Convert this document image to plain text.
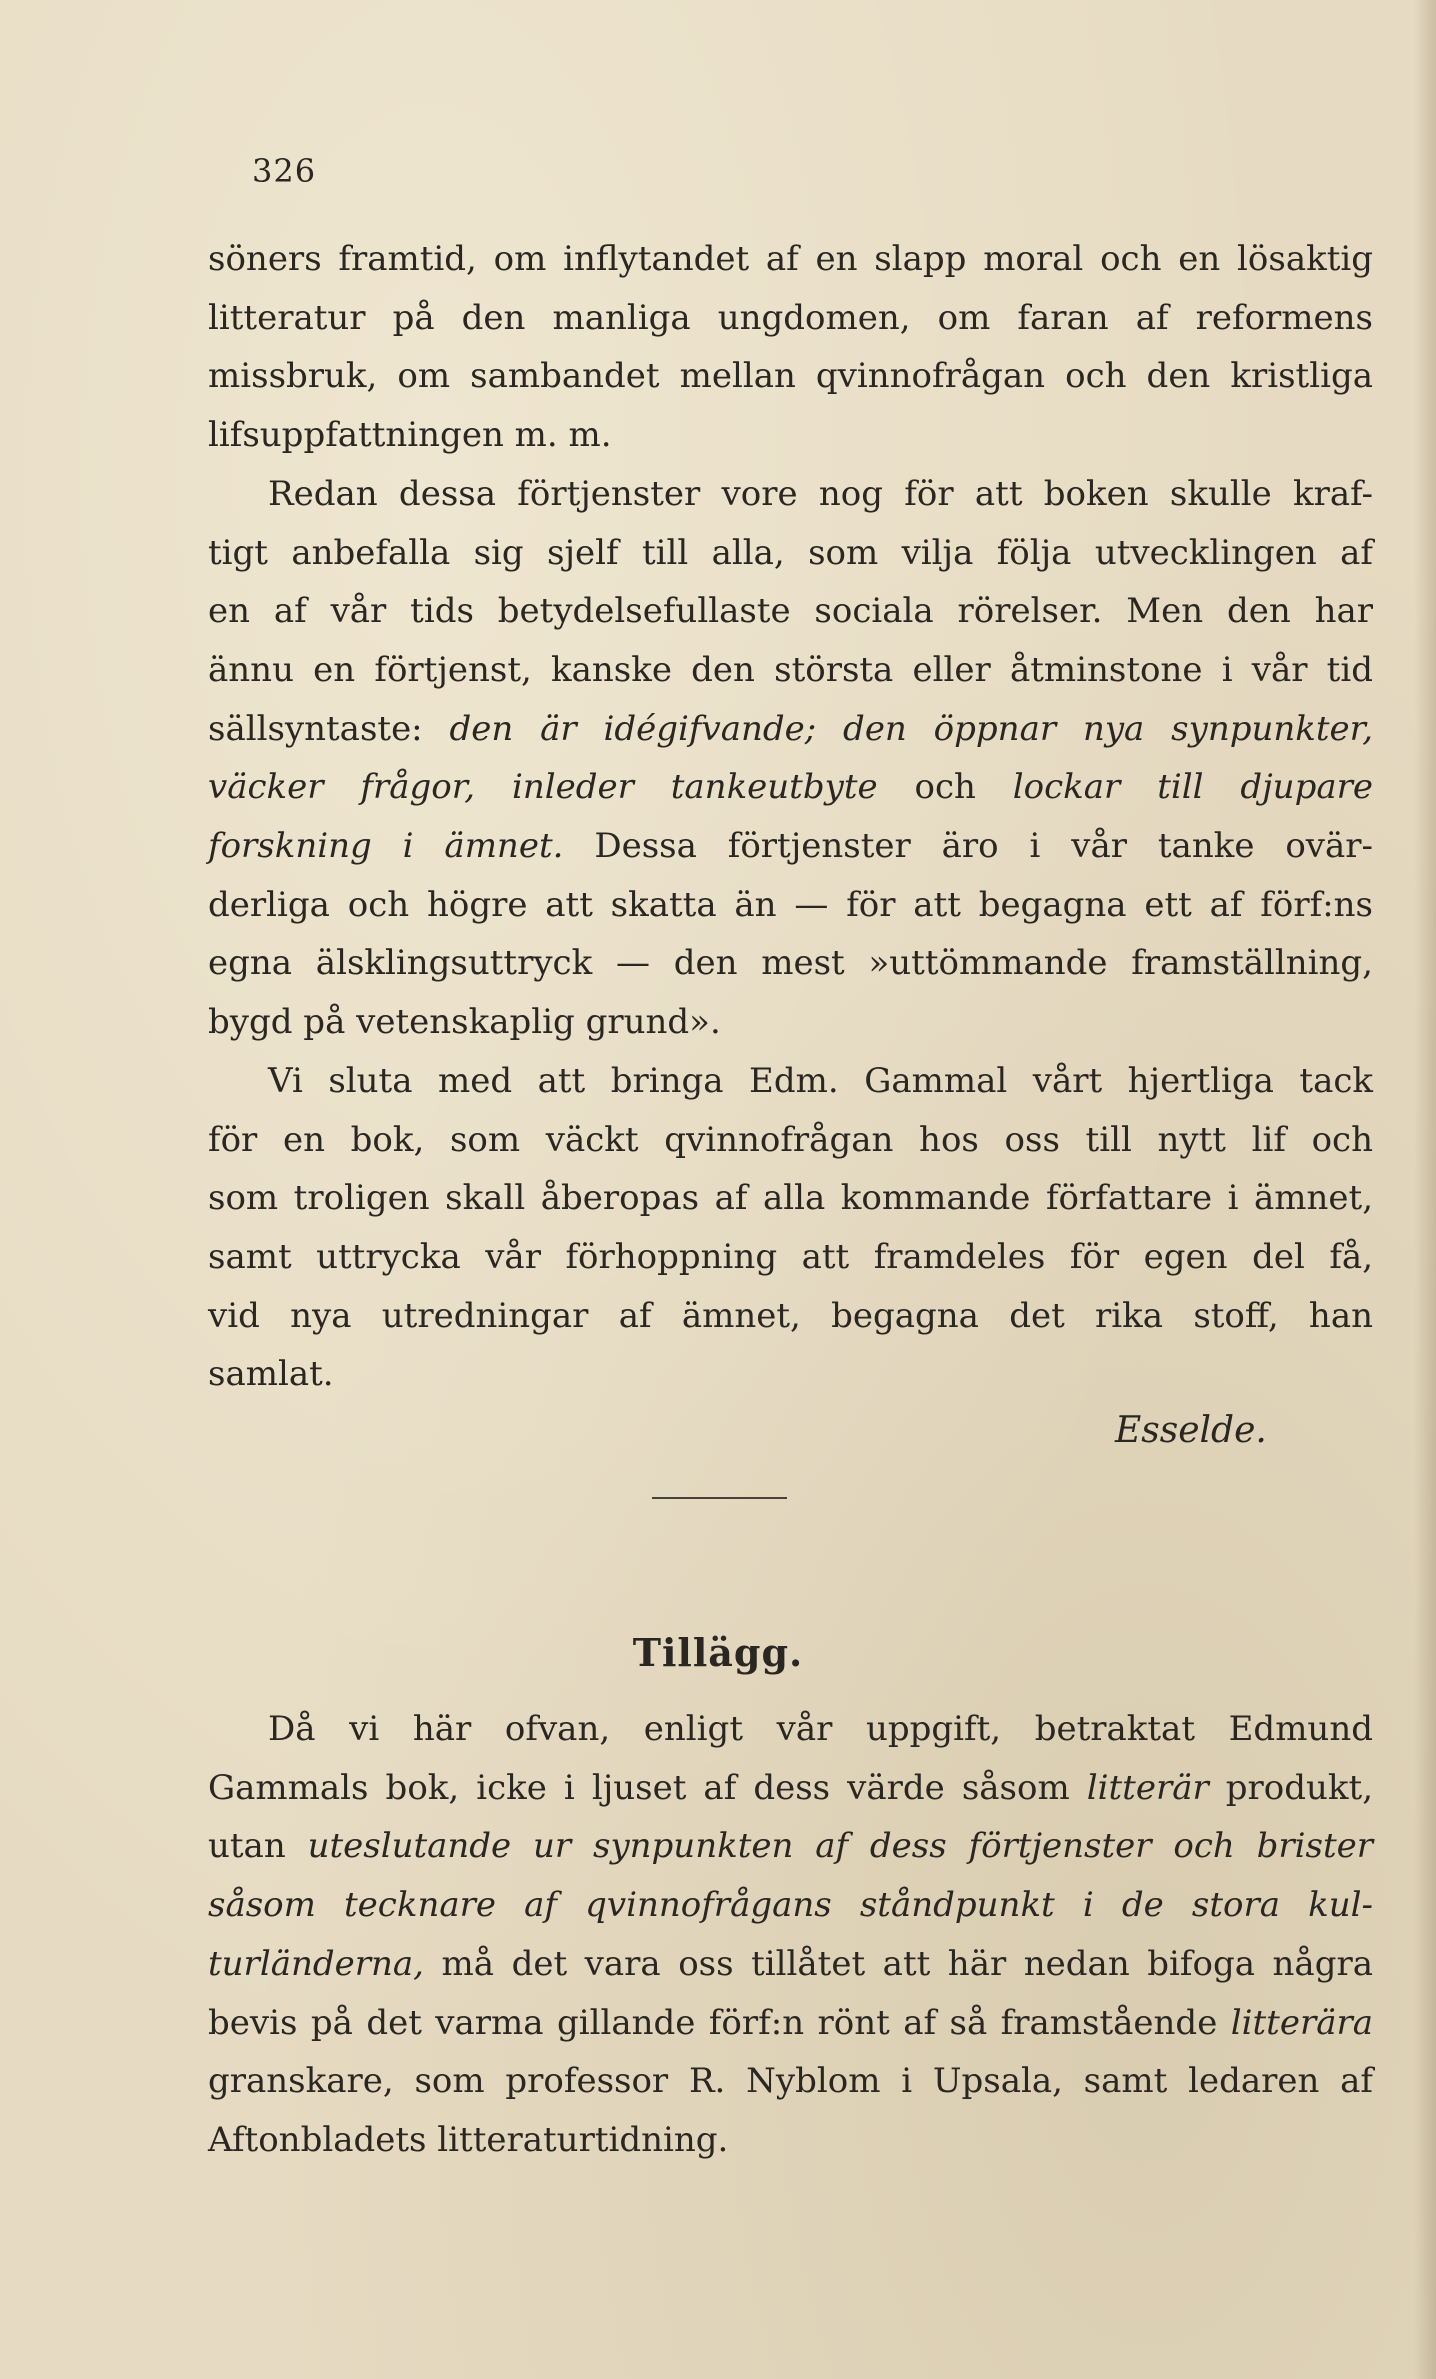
326
söners framtid, om inflytandet af en slapp moral och en lösaktig
litteratur på den manliga ungdomen, om faran af reformens
missbruk, om sambandet mellan qvinnofrågan och den kristliga
lifsuppfattningen m. m.
Redan dessa förtjenster vore nog för att boken skulle kraf-
tigt anbefalla sig sjelf till alla, som vilja följa utvecklingen af
en af vår tids betydelsefullaste sociala rörelser. Men den har
ännu en förtjenst, kanske den största eller åtminstone i vår tid
sällsyntaste: den är idégifvande; den öppnar nya synpunkter,
väcker frågor, inleder tankeutbyte och lockar till djupare
forskning i ämnet. Dessa förtjenster äro i vår tanke ovär-
derliga och högre att skatta än — för att begagna ett af förf:ns
egna älsklingsuttryck — den mest »uttömmande framställning,
bygd på vetenskaplig grund».
Vi sluta med att bringa Edm. Gammal vårt hjertliga tack
för en bok, som väckt qvinnofrågan hos oss till nytt lif och
som troligen skall åberopas af alla kommande författare i ämnet,
samt uttrycka vår förhoppning att framdeles för egen del få,
vid nya utredningar af ämnet, begagna det rika stoff, han
samlat.
Esselde.
Tillägg.
Då vi här ofvan, enligt vår uppgift, betraktat Edmund
Gammals bok, icke i ljuset af dess värde såsom litterär produkt,
utan uteslutande ur synpunkten af dess förtjenster och brister
såsom tecknare af qvinnofrågans ståndpunkt i de stora kul-
turländerna, må det vara oss tillåtet att här nedan bifoga några
bevis på det varma gillande förf:n rönt af så framstående litterära
granskare, som professor R. Nyblom i Upsala, samt ledaren af
Aftonbladets litteraturtidning.
